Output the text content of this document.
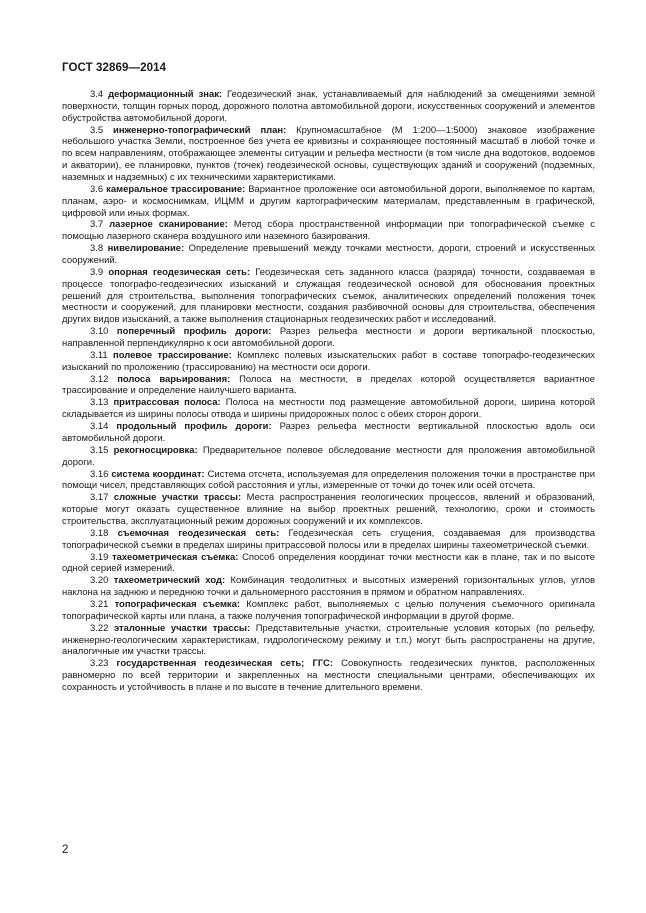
ГОСТ 32869—2014

3.4 деформационный знак: Геодезический знак, устанавливаемый для наблюдений за смещениями земной поверхности, толщин горных пород, дорожного полотна автомобильной дороги, искусственных сооружений и элементов обустройства автомобильной дороги.

3.5 инженерно-топографический план: Крупномасштабное (М 1:200—1:5000) знаковое изображение небольшого участка Земли, построенное без учета ее кривизны и сохраняющее постоянный масштаб в любой точке и по всем направлениям, отображающее элементы ситуации и рельефа местности (в том числе дна водотоков, водоемов и акватории), ее планировки, пунктов (точек) геодезической основы, существующих зданий и сооружений (подземных, наземных и надземных) с их техническими характеристиками.

3.6 камеральное трассирование: Вариантное проложение оси автомобильной дороги, выполняемое по картам, планам, аэро- и космоснимкам, ИЦММ и другим картографическим материалам, представленным в графической, цифровой или иных формах.

3.7 лазерное сканирование: Метод сбора пространственной информации при топографической съемке с помощью лазерного сканера воздушного или наземного базирования.

3.8 нивелирование: Определение превышений между точками местности, дороги, строений и искусственных сооружений.

3.9 опорная геодезическая сеть: Геодезическая сеть заданного класса (разряда) точности, создаваемая в процессе топографо-геодезических изысканий и служащая геодезической основой для обоснования проектных решений для строительства, выполнения топографических съемок, аналитических определений положения точек местности и сооружений, для планировки местности, создания разбивочной основы для строительства, обеспечения других видов изысканий, а также выполнения стационарных геодезических работ и исследований.

3.10 поперечный профиль дороги: Разрез рельефа местности и дороги вертикальной плоскостью, направленной перпендикулярно к оси автомобильной дороги.

3.11 полевое трассирование: Комплекс полевых изыскательских работ в составе топографо-геодезических изысканий по проложению (трассированию) на местности оси дороги.

3.12 полоса варьирования: Полоса на местности, в пределах которой осуществляется вариантное трассирование и определение наилучшего варианта.

3.13 притрассовая полоса: Полоса на местности под размещение автомобильной дороги, ширина которой складывается из ширины полосы отвода и ширины придорожных полос с обеих сторон дороги.

3.14 продольный профиль дороги: Разрез рельефа местности вертикальной плоскостью вдоль оси автомобильной дороги.

3.15 рекогносцировка: Предварительное полевое обследование местности для проложения автомобильной дороги.

3.16 система координат: Система отсчета, используемая для определения положения точки в пространстве при помощи чисел, представляющих собой расстояния и углы, измеренные от точки до точек или осей отсчета.

3.17 сложные участки трассы: Места распространения геологических процессов, явлений и образований, которые могут оказать существенное влияние на выбор проектных решений, технологию, сроки и стоимость строительства, эксплуатационный режим дорожных сооружений и их комплексов.

3.18 съемочная геодезическая сеть: Геодезическая сеть сгущения, создаваемая для производства топографической съемки в пределах ширины притрассовой полосы или в пределах ширины тахеометрической съемки.

3.19 тахеометрическая съемка: Способ определения координат точки местности как в плане, так и по высоте одной серией измерений.

3.20 тахеометрический ход: Комбинация теодолитных и высотных измерений горизонтальных углов, углов наклона на заднюю и переднюю точки и дальномерного расстояния в прямом и обратном направлениях.

3.21 топографическая съемка: Комплекс работ, выполняемых с целью получения съемочного оригинала топографической карты или плана, а также получения топографической информации в другой форме.

3.22 эталонные участки трассы: Представительные участки, строительные условия которых (по рельефу, инженерно-геологическим характеристикам, гидрологическому режиму и т.п.) могут быть распространены на другие, аналогичные им участки трассы.

3.23 государственная геодезическая сеть; ГГС: Совокупность геодезических пунктов, расположенных равномерно по всей территории и закрепленных на местности специальными центрами, обеспечивающих их сохранность и устойчивость в плане и по высоте в течение длительного времени.

2
